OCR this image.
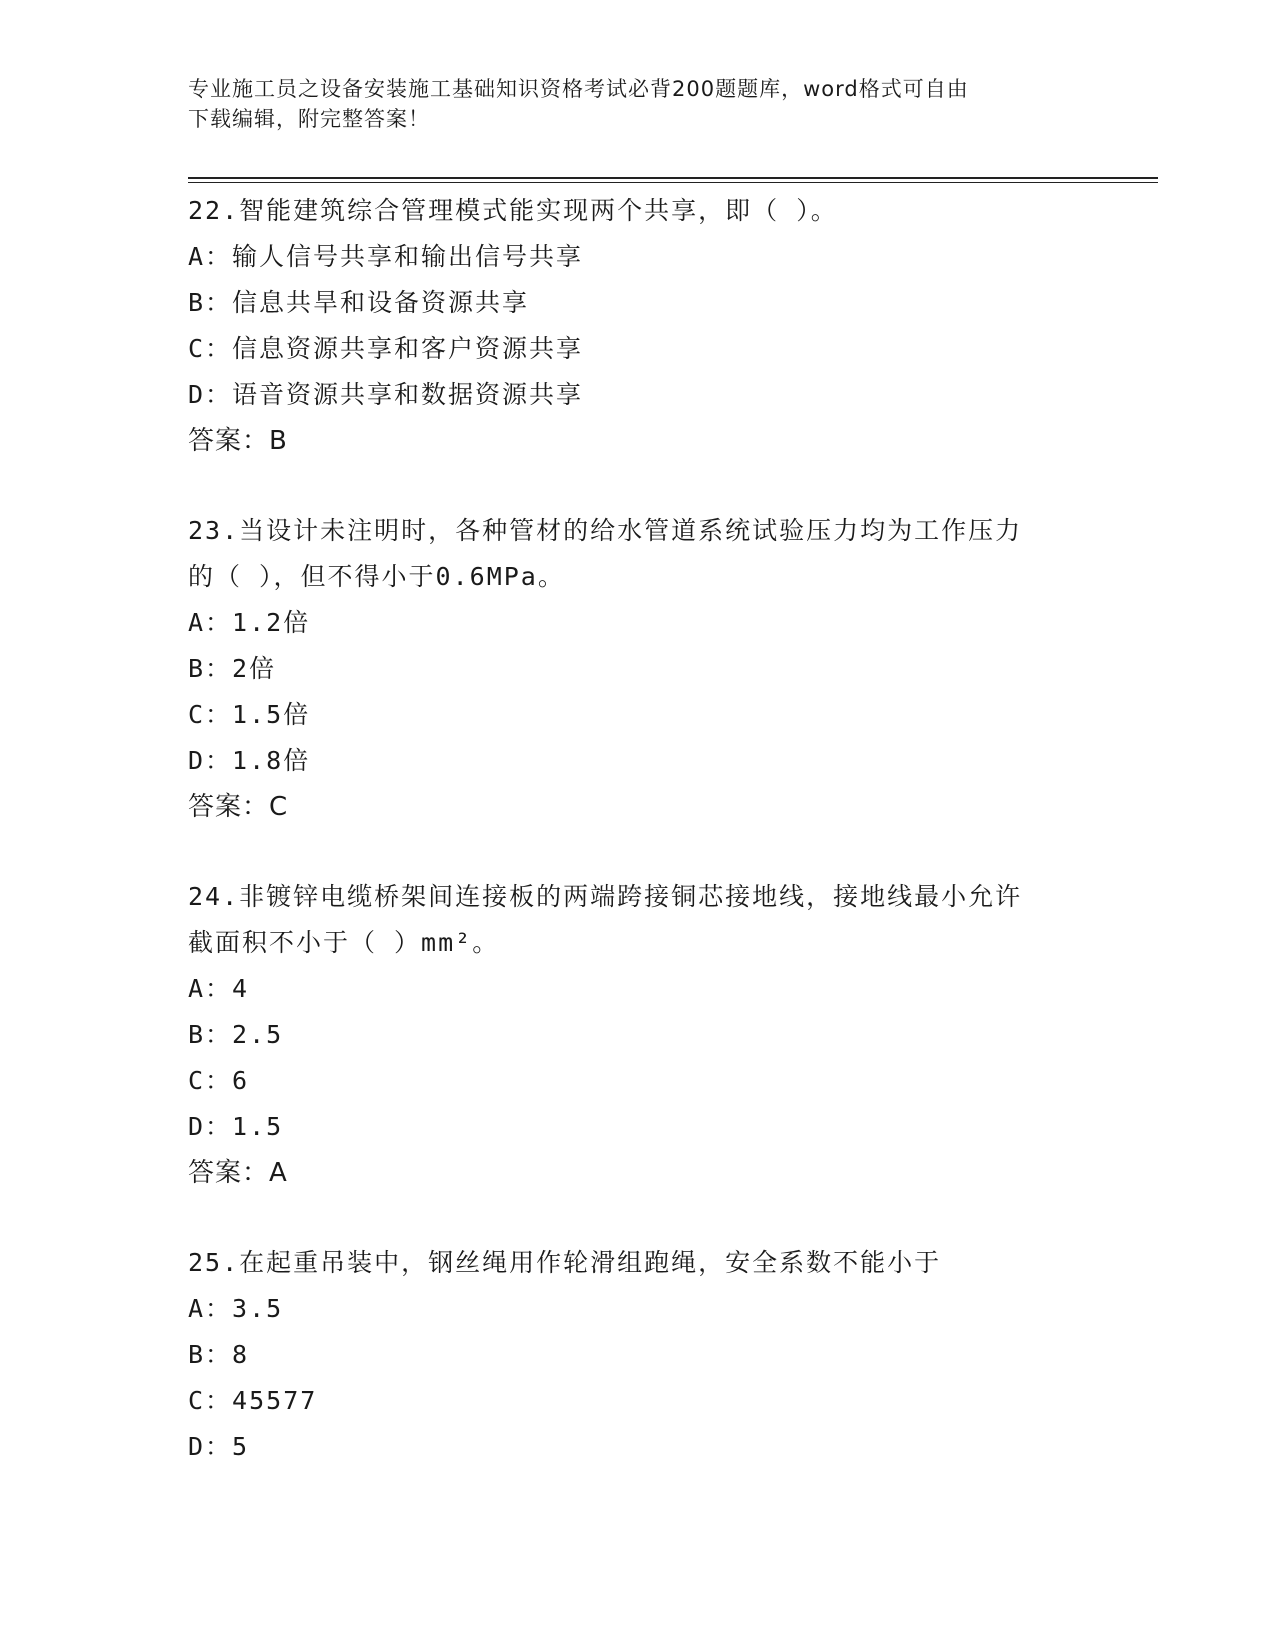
专业施工员之设备安装施工基础知识资格考试必背200题题库，word格式可自由
下载编辑，附完整答案！
22.智能建筑综合管理模式能实现两个共享，即（ ）。
A：输人信号共享和输出信号共享
B：信息共旱和设备资源共享
C：信息资源共享和客户资源共享
D：语音资源共享和数据资源共享
答案：B
23.当设计未注明时，各种管材的给水管道系统试验压力均为工作压力
的（ ），但不得小于0.6MPa。
A：1.2倍
B：2倍
C：1.5倍
D：1.8倍
答案：C
24.非镀锌电缆桥架间连接板的两端跨接铜芯接地线，接地线最小允许
截面积不小于（ ）mm²。
A：4
B：2.5
C：6
D：1.5
答案：A
25.在起重吊装中，钢丝绳用作轮滑组跑绳，安全系数不能小于
A：3.5
B：8
C：45577
D：5
